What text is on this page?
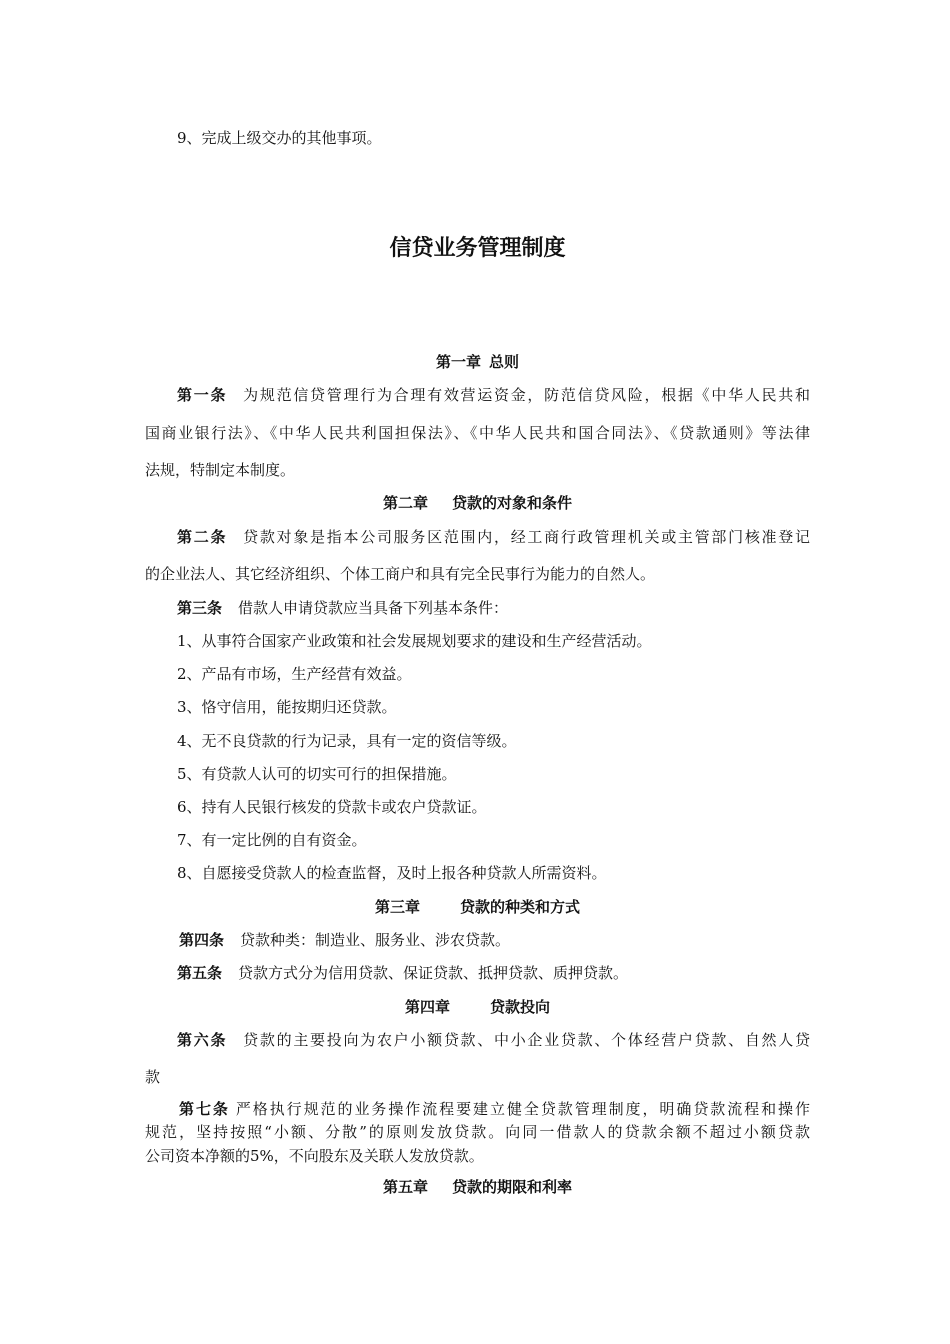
9、完成上级交办的其他事项。
信贷业务管理制度
第一章 总则
第一条 为规范信贷管理行为合理有效营运资金，防范信贷风险，根据《中华人民共和
国商业银行法》、《中华人民共利国担保法》、《中华人民共和国合同法》、《贷款通则》等法律
法规，特制定本制度。
第二章 贷款的对象和条件
第二条 贷款对象是指本公司服务区范围内，经工商行政管理机关或主管部门核准登记
的企业法人、其它经济组织、个体工商户和具有完全民事行为能力的自然人。
第三条 借款人申请贷款应当具备下列基本条件：
1、从事符合国家产业政策和社会发展规划要求的建设和生产经营活动。
2、产品有市场，生产经营有效益。
3、恪守信用，能按期归还贷款。
4、无不良贷款的行为记录，具有一定的资信等级。
5、有贷款人认可的切实可行的担保措施。
6、持有人民银行核发的贷款卡或农户贷款证。
7、有一定比例的自有资金。
8、自愿接受贷款人的检查监督，及时上报各种贷款人所需资料。
第三章	贷款的种类和方式
第四条 贷款种类：制造业、服务业、涉农贷款。
第五条 贷款方式分为信用贷款、保证贷款、抵押贷款、质押贷款。
第四章	贷款投向
第六条 贷款的主要投向为农户小额贷款、中小企业贷款、个体经营户贷款、自然人贷
款
第七条 严格执行规范的业务操作流程要建立健全贷款管理制度，明确贷款流程和操作
规范，坚持按照“小额、分散”的原则发放贷款。向同一借款人的贷款余额不超过小额贷款
公司资本净额的5%，不向股东及关联人发放贷款。
第五章 贷款的期限和利率
